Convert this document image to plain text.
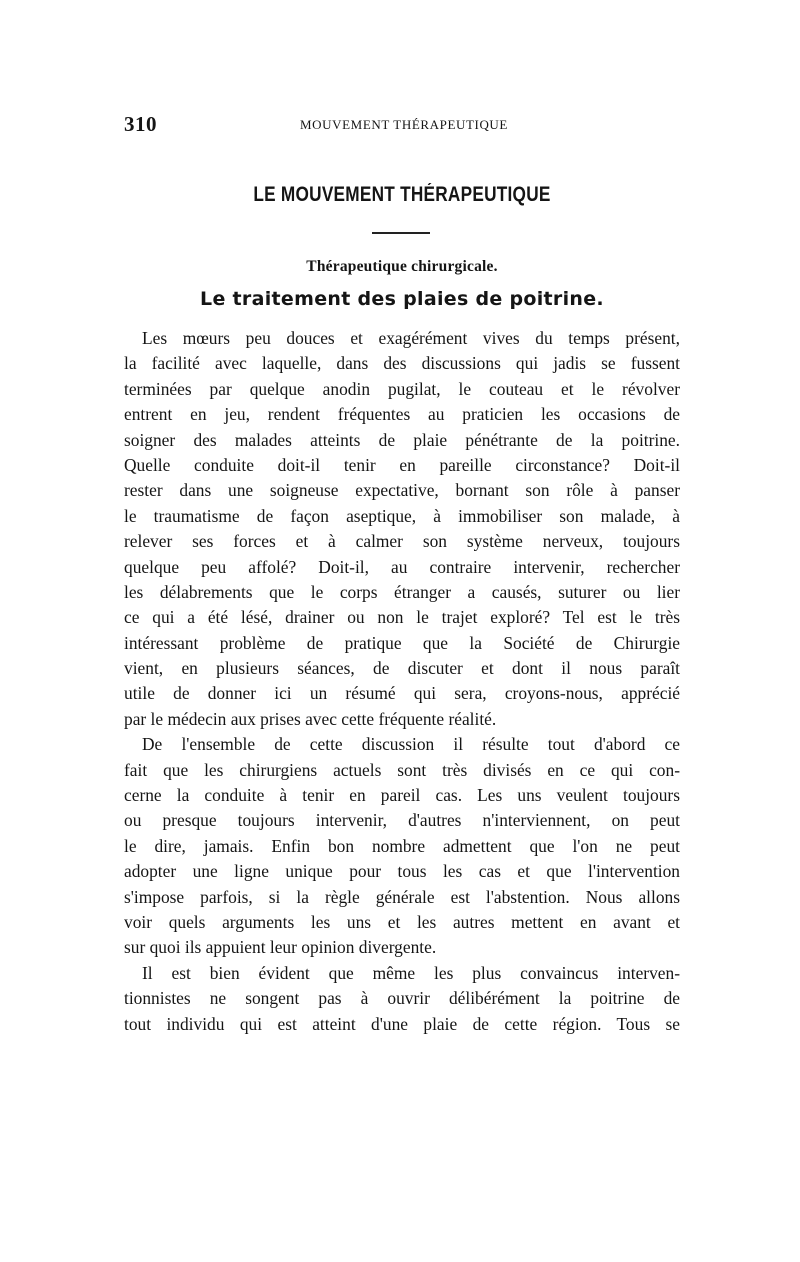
310	MOUVEMENT THÉRAPEUTIQUE
LE MOUVEMENT THÉRAPEUTIQUE
Thérapeutique chirurgicale.
Le traitement des plaies de poitrine.
Les mœurs peu douces et exagérément vives du temps présent,
la facilité avec laquelle, dans des discussions qui jadis se fussent
terminées par quelque anodin pugilat, le couteau et le révolver
entrent en jeu, rendent fréquentes au praticien les occasions de
soigner des malades atteints de plaie pénétrante de la poitrine.
Quelle conduite doit-il tenir en pareille circonstance? Doit-il
rester dans une soigneuse expectative, bornant son rôle à panser
le traumatisme de façon aseptique, à immobiliser son malade, à
relever ses forces et à calmer son système nerveux, toujours
quelque peu affolé? Doit-il, au contraire intervenir, rechercher
les délabrements que le corps étranger a causés, suturer ou lier
ce qui a été lésé, drainer ou non le trajet exploré? Tel est le très
intéressant problème de pratique que la Société de Chirurgie
vient, en plusieurs séances, de discuter et dont il nous paraît
utile de donner ici un résumé qui sera, croyons-nous, apprécié
par le médecin aux prises avec cette fréquente réalité.
De l'ensemble de cette discussion il résulte tout d'abord ce
fait que les chirurgiens actuels sont très divisés en ce qui con-
cerne la conduite à tenir en pareil cas. Les uns veulent toujours
ou presque toujours intervenir, d'autres n'interviennent, on peut
le dire, jamais. Enfin bon nombre admettent que l'on ne peut
adopter une ligne unique pour tous les cas et que l'intervention
s'impose parfois, si la règle générale est l'abstention. Nous allons
voir quels arguments les uns et les autres mettent en avant et
sur quoi ils appuient leur opinion divergente.
Il est bien évident que même les plus convaincus interven-
tionnistes ne songent pas à ouvrir délibérément la poitrine de
tout individu qui est atteint d'une plaie de cette région. Tous se
